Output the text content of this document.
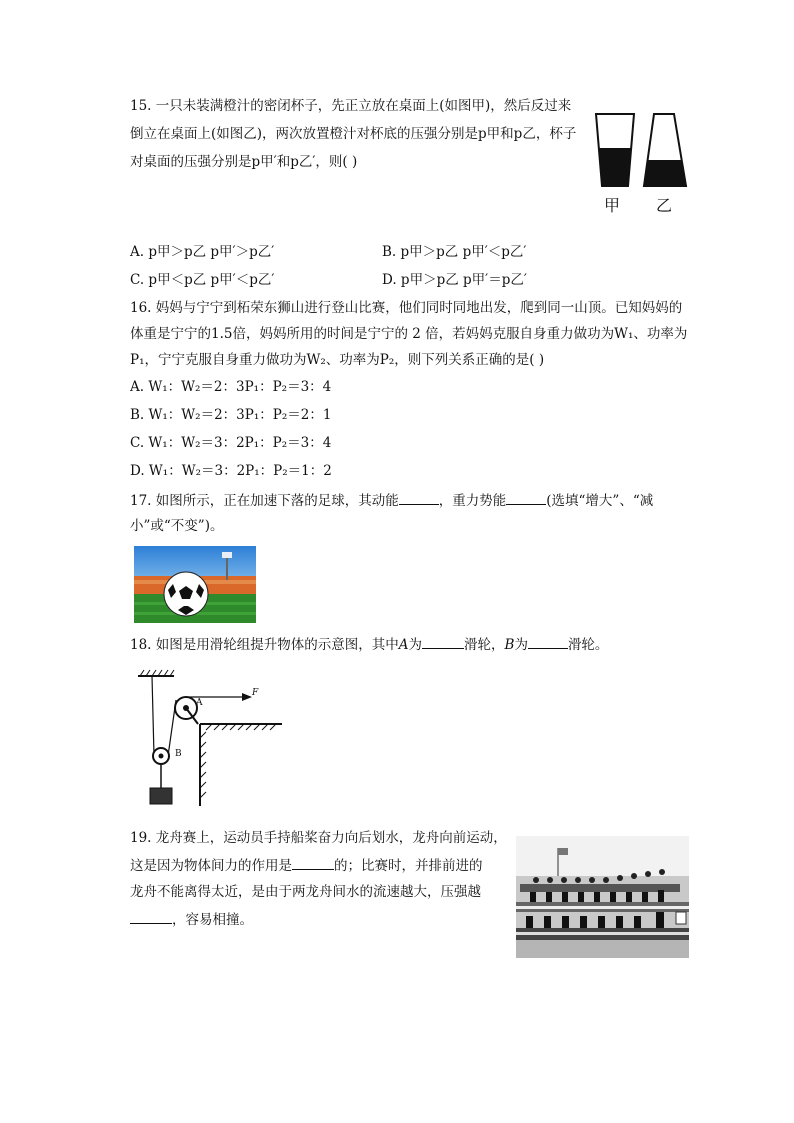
15. 一只未装满橙汁的密闭杯子，先正立放在桌面上(如图甲)，然后反过来
倒立在桌面上(如图乙)，两次放置橙汁对杯底的压强分别是p甲和p乙，杯子
对桌面的压强分别是p甲′和p乙′，则( )
甲 乙
A. p甲＞p乙 p甲′＞p乙′	B. p甲＞p乙 p甲′＜p乙′
C. p甲＜p乙 p甲′＜p乙′	D. p甲＞p乙 p甲′＝p乙′
16. 妈妈与宁宁到柘荣东狮山进行登山比赛，他们同时同地出发，爬到同一山顶。已知妈妈的
体重是宁宁的1.5倍，妈妈所用的时间是宁宁的 2 倍，若妈妈克服自身重力做功为W₁、功率为
P₁，宁宁克服自身重力做功为W₂、功率为P₂，则下列关系正确的是( )
A. W₁：W₂＝2：3P₁：P₂＝3：4
B. W₁：W₂＝2：3P₁：P₂＝2：1
C. W₁：W₂＝3：2P₁：P₂＝3：4
D. W₁：W₂＝3：2P₁：P₂＝1：2
17. 如图所示，正在加速下落的足球，其动能	，重力势能	(选填“增大”、“减
小”或“不变”)。
18. 如图是用滑轮组提升物体的示意图，其中A为	滑轮，B为	滑轮。
A
B
F
19. 龙舟赛上，运动员手持船桨奋力向后划水，龙舟向前运动，
这是因为物体间力的作用是	的；比赛时，并排前进的
龙舟不能离得太近，是由于两龙舟间水的流速越大，压强越
，容易相撞。
